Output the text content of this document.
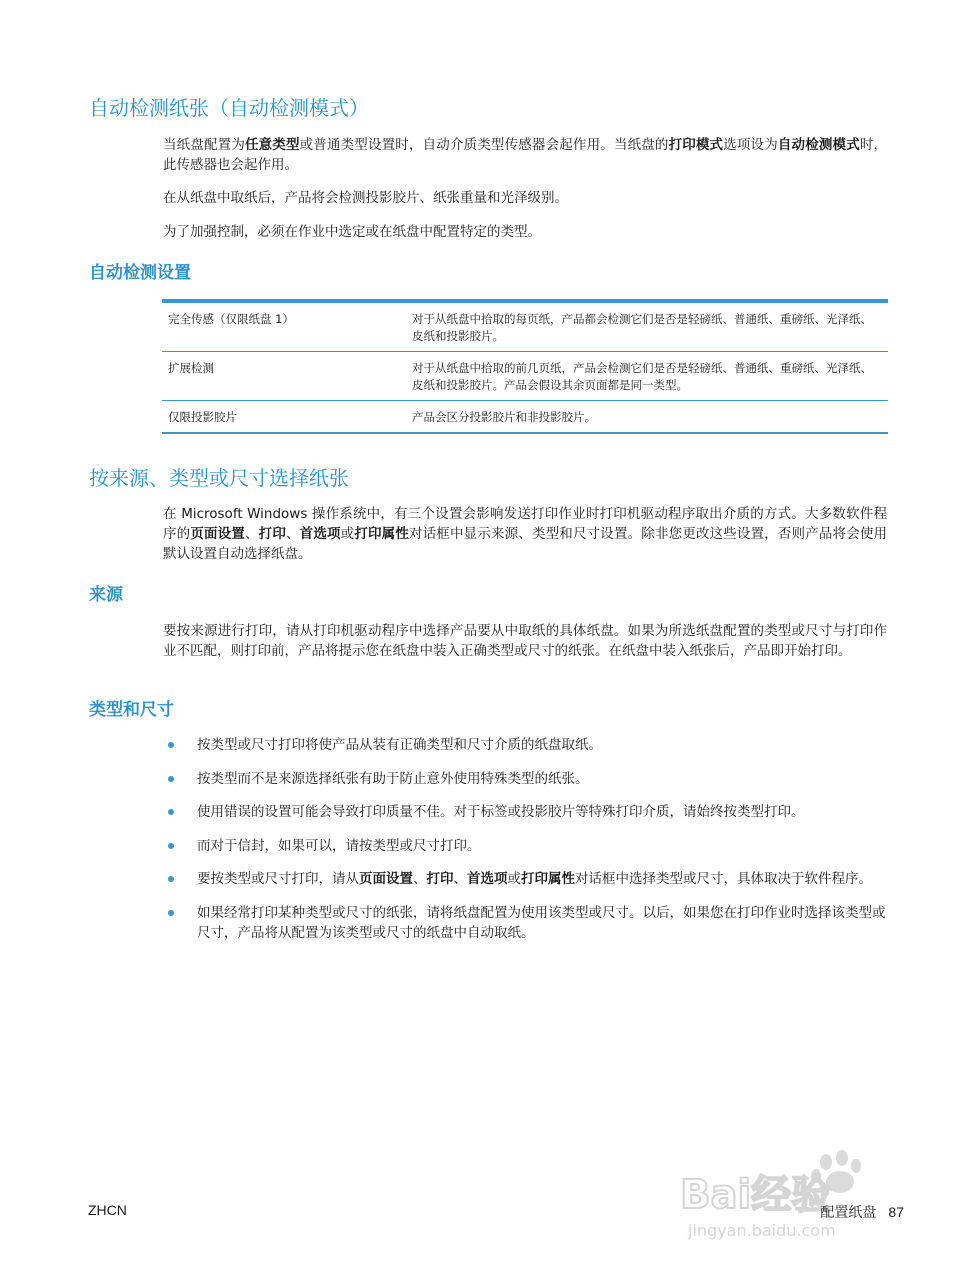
自动检测纸张（自动检测模式）

当纸盘配置为任意类型或普通类型设置时，自动介质类型传感器会起作用。当纸盘的打印模式选项设为自动检测模式时，此传感器也会起作用。

在从纸盘中取纸后，产品将会检测投影胶片、纸张重量和光泽级别。

为了加强控制，必须在作业中选定或在纸盘中配置特定的类型。

自动检测设置
完全传感（仅限纸盘 1）	对于从纸盘中拾取的每页纸，产品都会检测它们是否是轻磅纸、普通纸、重磅纸、光泽纸、皮纸和投影胶片。
扩展检测	对于从纸盘中拾取的前几页纸，产品会检测它们是否是轻磅纸、普通纸、重磅纸、光泽纸、皮纸和投影胶片。产品会假设其余页面都是同一类型。
仅限投影胶片	产品会区分投影胶片和非投影胶片。
按来源、类型或尺寸选择纸张

在 Microsoft Windows 操作系统中，有三个设置会影响发送打印作业时打印机驱动程序取出介质的方式。大多数软件程序的页面设置、打印、首选项或打印属性对话框中显示来源、类型和尺寸设置。除非您更改这些设置，否则产品将会使用默认设置自动选择纸盘。

来源

要按来源进行打印，请从打印机驱动程序中选择产品要从中取纸的具体纸盘。如果为所选纸盘配置的类型或尺寸与打印作业不匹配，则打印前，产品将提示您在纸盘中装入正确类型或尺寸的纸张。在纸盘中装入纸张后，产品即开始打印。

类型和尺寸
按类型或尺寸打印将使产品从装有正确类型和尺寸介质的纸盘取纸。
按类型而不是来源选择纸张有助于防止意外使用特殊类型的纸张。
使用错误的设置可能会导致打印质量不佳。对于标签或投影胶片等特殊打印介质，请始终按类型打印。
而对于信封，如果可以，请按类型或尺寸打印。
要按类型或尺寸打印，请从页面设置、打印、首选项或打印属性对话框中选择类型或尺寸，具体取决于软件程序。
如果经常打印某种类型或尺寸的纸张，请将纸盘配置为使用该类型或尺寸。以后，如果您在打印作业时选择该类型或尺寸，产品将从配置为该类型或尺寸的纸盘中自动取纸。
Bai经验
jingyan.baidu.com
ZHCN	配置纸盘 87
